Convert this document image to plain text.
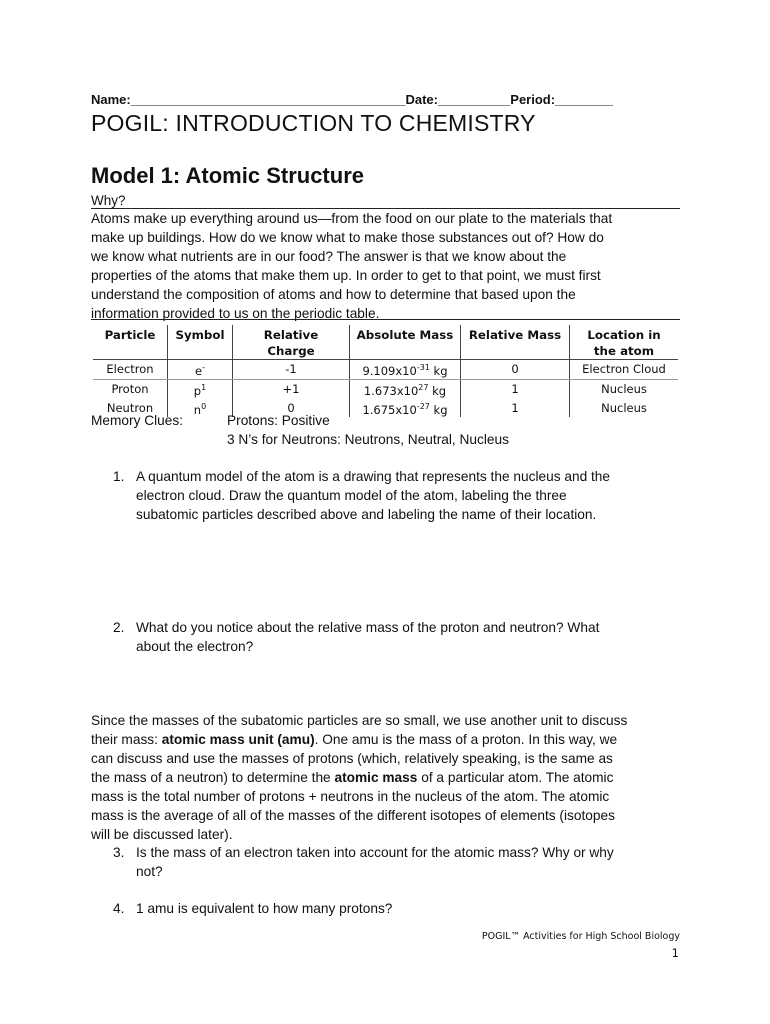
Name:______________________________________Date:__________Period:________
POGIL: INTRODUCTION TO CHEMISTRY
Model 1: Atomic Structure
Why?
Atoms make up everything around us—from the food on our plate to the materials that
make up buildings. How do we know what to make those substances out of? How do
we know what nutrients are in our food? The answer is that we know about the
properties of the atoms that make them up. In order to get to that point, we must first
understand the composition of atoms and how to determine that based upon the
information provided to us on the periodic table.
Particle	Symbol	Relative Charge	Absolute Mass	Relative Mass	Location in the atom
Electron	e-	-1	$9.109x10^{-31}$ kg	0	Electron Cloud
Proton	$p^1$	+1	$1.673x10^{27}$ kg	1	Nucleus
Neutron	$n^0$	0	$1.675x10^{-27}$ kg	1	Nucleus
Memory Clues:	Protons: Positive
3 N’s for Neutrons: Neutrons, Neutral, Nucleus
1. A quantum model of the atom is a drawing that represents the nucleus and the
electron cloud. Draw the quantum model of the atom, labeling the three
subatomic particles described above and labeling the name of their location.
2. What do you notice about the relative mass of the proton and neutron? What
about the electron?
Since the masses of the subatomic particles are so small, we use another unit to discuss
their mass: atomic mass unit (amu). One amu is the mass of a proton. In this way, we
can discuss and use the masses of protons (which, relatively speaking, is the same as
the mass of a neutron) to determine the atomic mass of a particular atom. The atomic
mass is the total number of protons + neutrons in the nucleus of the atom. The atomic
mass is the average of all of the masses of the different isotopes of elements (isotopes
will be discussed later).
3. Is the mass of an electron taken into account for the atomic mass? Why or why
not?
4. 1 amu is equivalent to how many protons?
POGIL™ Activities for High School Biology
1
